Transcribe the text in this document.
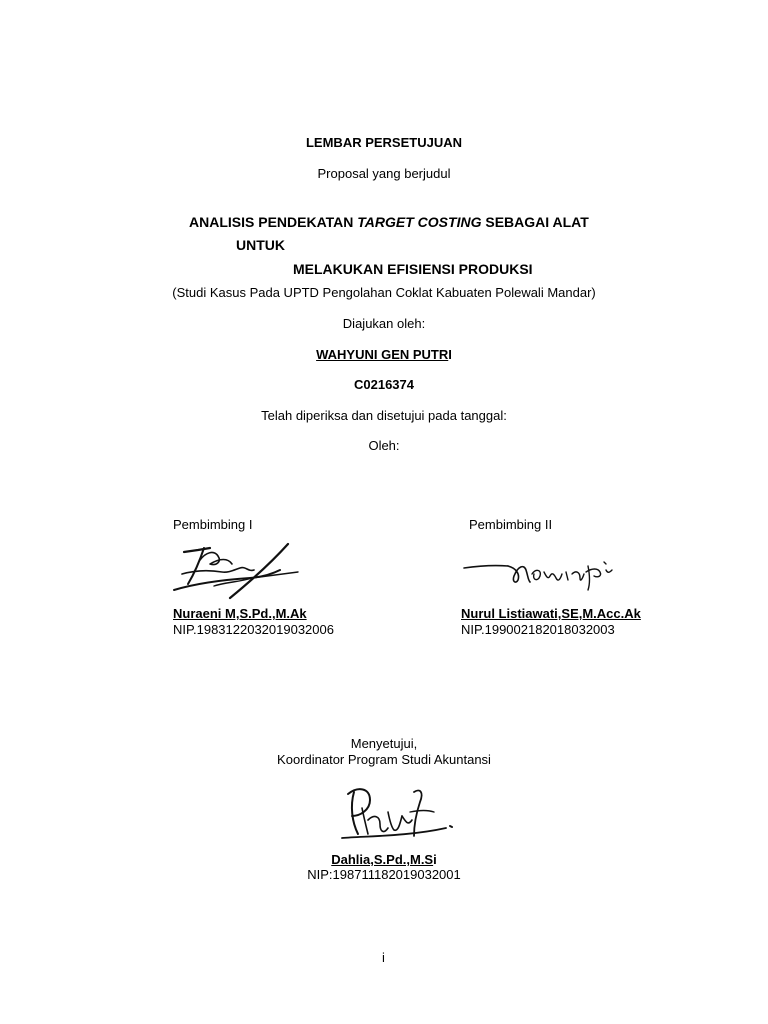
LEMBAR PERSETUJUAN
Proposal yang berjudul
ANALISIS PENDEKATAN TARGET COSTING SEBAGAI ALAT
UNTUK
MELAKUKAN EFISIENSI PRODUKSI
(Studi Kasus Pada UPTD Pengolahan Coklat Kabuaten Polewali Mandar)
Diajukan oleh:
WAHYUNI GEN PUTRI
C0216374
Telah diperiksa dan disetujui pada tanggal:
Oleh:
Pembimbing I	Pembimbing II
Nuraeni M,S.Pd.,M.Ak	Nurul Listiawati,SE,M.Acc.Ak
NIP.1983122032019032006	NIP.199002182018032003
Menyetujui,
Koordinator Program Studi Akuntansi
Dahlia,S.Pd.,M.Si
NIP:198711182019032001
i
